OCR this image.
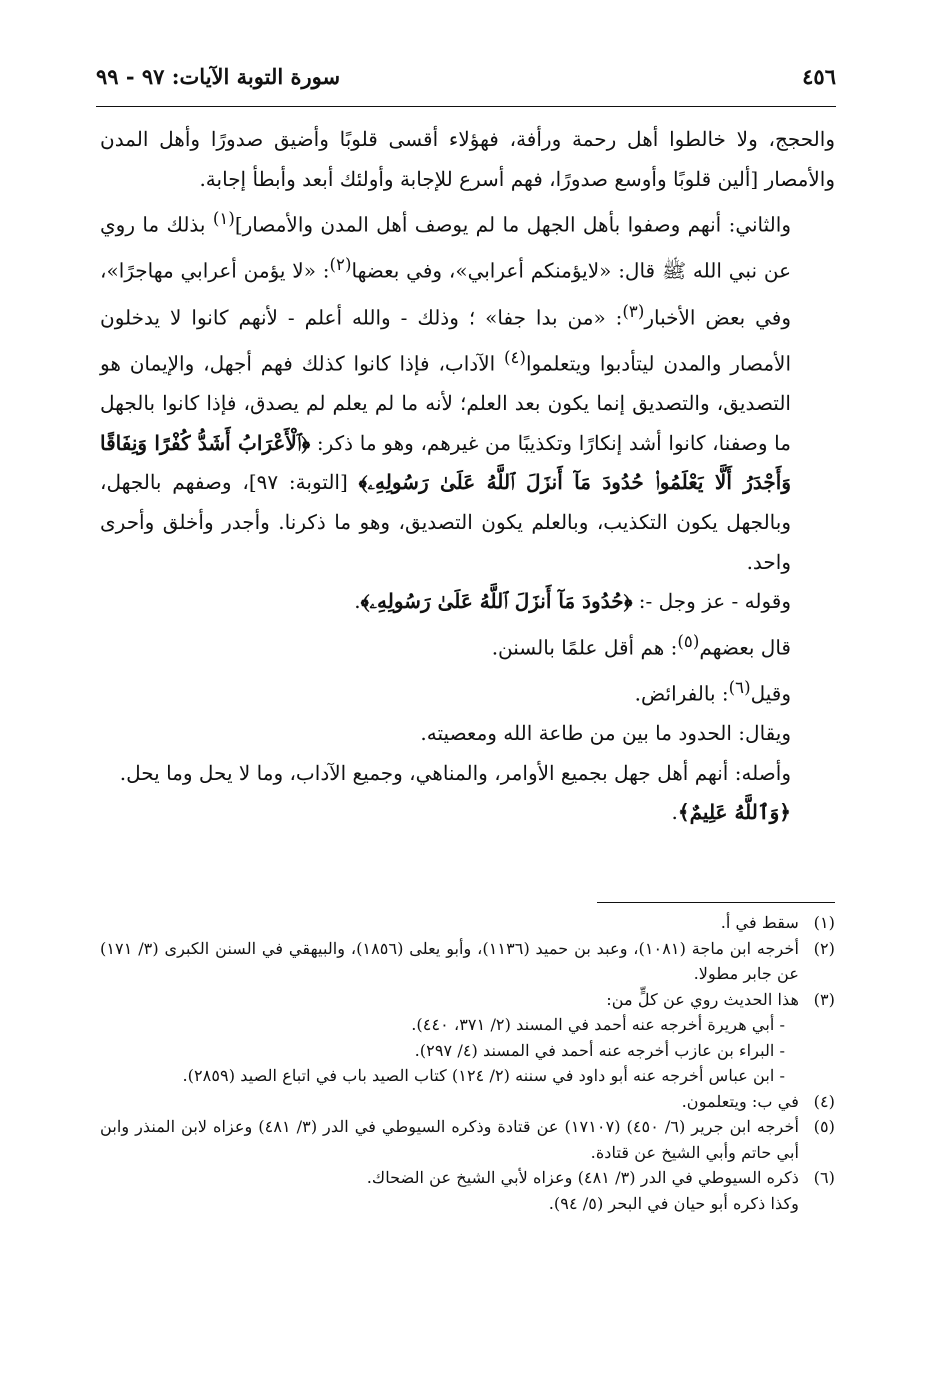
٤٥٦
سورة التوبة الآيات: ٩٧ - ٩٩

والحجج، ولا خالطوا أهل رحمة ورأفة، فهؤلاء أقسى قلوبًا وأضيق صدورًا وأهل المدن والأمصار [ألين قلوبًا وأوسع صدورًا، فهم أسرع للإجابة وأولئك أبعد وأبطأ إجابة.

والثاني: أنهم وصفوا بأهل الجهل ما لم يوصف أهل المدن والأمصار]$^{(١)}$ بذلك ما روي عن نبي الله ﷺ قال: «لايؤمنكم أعرابي»، وفي بعضها$^{(٢)}$: «لا يؤمن أعرابي مهاجرًا»، وفي بعض الأخبار$^{(٣)}$: «من بدا جفا» ؛ وذلك - والله أعلم - لأنهم كانوا لا يدخلون الأمصار والمدن ليتأدبوا ويتعلموا$^{(٤)}$ الآداب، فإذا كانوا كذلك فهم أجهل، والإيمان هو التصديق، والتصديق إنما يكون بعد العلم؛ لأنه ما لم يعلم لم يصدق، فإذا كانوا بالجهل ما وصفنا، كانوا أشد إنكارًا وتكذيبًا من غيرهم، وهو ما ذكر: ﴿ٱلْأَعْرَابُ أَشَدُّ كُفْرًا وَنِفَاقًا وَأَجْدَرُ أَلَّا يَعْلَمُوا۟ حُدُودَ مَآ أَنزَلَ ٱللَّهُ عَلَىٰ رَسُولِهِۦ﴾ [التوبة: ٩٧]، وصفهم بالجهل، وبالجهل يكون التكذيب، وبالعلم يكون التصديق، وهو ما ذكرنا. وأجدر وأخلق وأحرى واحد.

وقوله - عز وجل -: ﴿حُدُودَ مَآ أَنزَلَ ٱللَّهُ عَلَىٰ رَسُولِهِۦ﴾.

قال بعضهم$^{(٥)}$: هم أقل علمًا بالسنن.

وقيل$^{(٦)}$: بالفرائض.

ويقال: الحدود ما بين من طاعة الله ومعصيته.

وأصله: أنهم أهل جهل بجميع الأوامر، والمناهي، وجميع الآداب، وما لا يحل وما يحل.

﴿وَٱللَّهُ عَلِيمٌ﴾.

(١)
سقط في أ.
(٢)
أخرجه ابن ماجة (١٠٨١)، وعبد بن حميد (١١٣٦)، وأبو يعلى (١٨٥٦)، والبيهقي في السنن الكبرى (٣/ ١٧١) عن جابر مطولا.
(٣)
هذا الحديث روي عن كلٍّ من:
- أبي هريرة أخرجه عنه أحمد في المسند (٢/ ٣٧١، ٤٤٠).
- البراء بن عازب أخرجه عنه أحمد في المسند (٤/ ٢٩٧).
- ابن عباس أخرجه عنه أبو داود في سننه (٢/ ١٢٤) كتاب الصيد باب في اتباع الصيد (٢٨٥٩).
(٤)
في ب: ويتعلمون.
(٥)
أخرجه ابن جرير (٦/ ٤٥٠) (١٧١٠٧) عن قتادة وذكره السيوطي في الدر (٣/ ٤٨١) وعزاه لابن المنذر وابن أبي حاتم وأبي الشيخ عن قتادة.
(٦)
ذكره السيوطي في الدر (٣/ ٤٨١) وعزاه لأبي الشيخ عن الضحاك.
وكذا ذكره أبو حيان في البحر (٥/ ٩٤).
